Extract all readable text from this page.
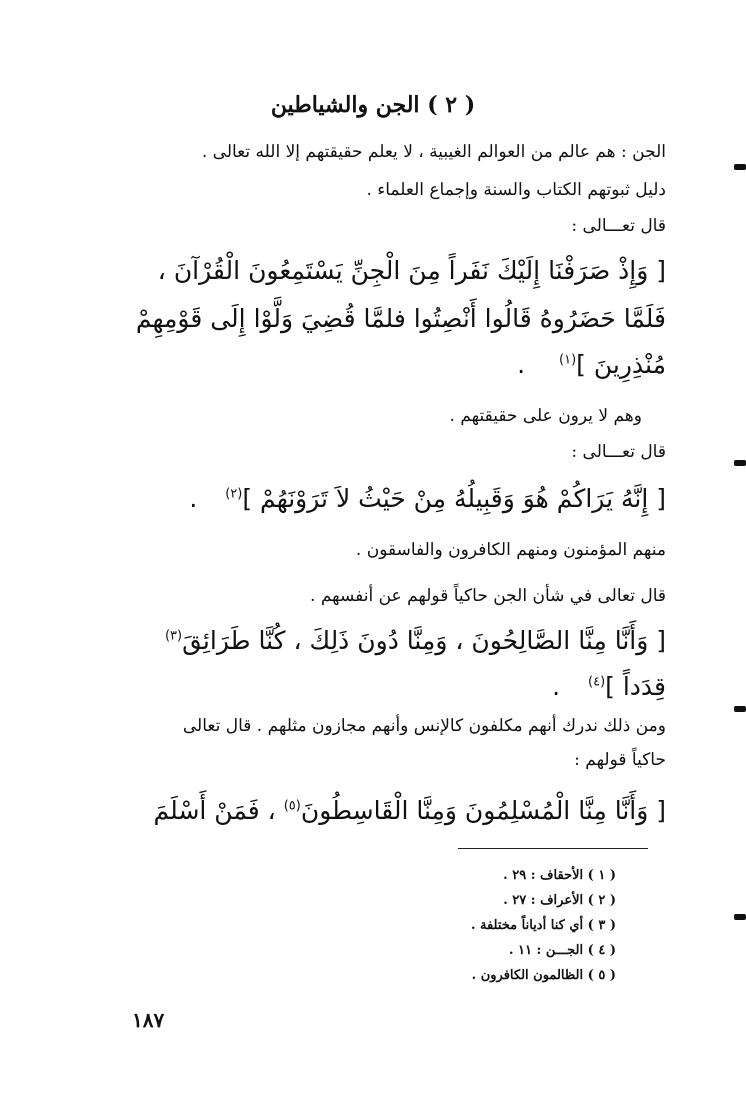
( ٢ ) الجن والشياطين
الجن : هم عالم من العوالم الغيبية ، لا يعلم حقيقتهم إلا الله تعالى .
دليل ثبوتهم الكتاب والسنة وإجماع العلماء .
قال تعـــالى :
[ وَإِذْ صَرَفْنَا إِلَيْكَ نَفَراً مِنَ الْجِنِّ يَسْتَمِعُونَ الْقُرْآنَ ،
فَلَمَّا حَضَرُوهُ قَالُوا أَنْصِتُوا فلمَّا قُضِيَ وَلَّوْا إِلَى قَوْمِهِمْ
مُنْذِرِينَ ]$^{(١)}$ .
وهم لا يرون على حقيقتهم .
قال تعـــالى :
[ إِنَّهُ يَرَاكُمْ هُوَ وَقَبِيلُهُ مِنْ حَيْثُ لاَ تَرَوْنَهُمْ ]$^{(٢)}$ .
منهم المؤمنون ومنهم الكافرون والفاسقون .
قال تعالى في شأن الجن حاكياً قولهم عن أنفسهم .
[ وَأَنَّا مِنَّا الصَّالِحُونَ ، وَمِنَّا دُونَ ذَلِكَ ، كُنَّا طَرَائِقَ$^{(٣)}$
قِدَداً ]$^{(٤)}$ .
ومن ذلك ندرك أنهم مكلفون كالإنس وأنهم مجازون مثلهم . قال تعالى
حاكياً قولهم :
[ وَأَنَّا مِنَّا الْمُسْلِمُونَ وَمِنَّا الْقَاسِطُونَ$^{(٥)}$ ، فَمَنْ أَسْلَمَ
( ١ ) الأحقاف : ٢٩ .
( ٢ ) الأعراف : ٢٧ .
( ٣ ) أي كنا أدياناً مختلفة .
( ٤ ) الجـــن : ١١ .
( ٥ ) الظالمون الكافرون .
١٨٧
